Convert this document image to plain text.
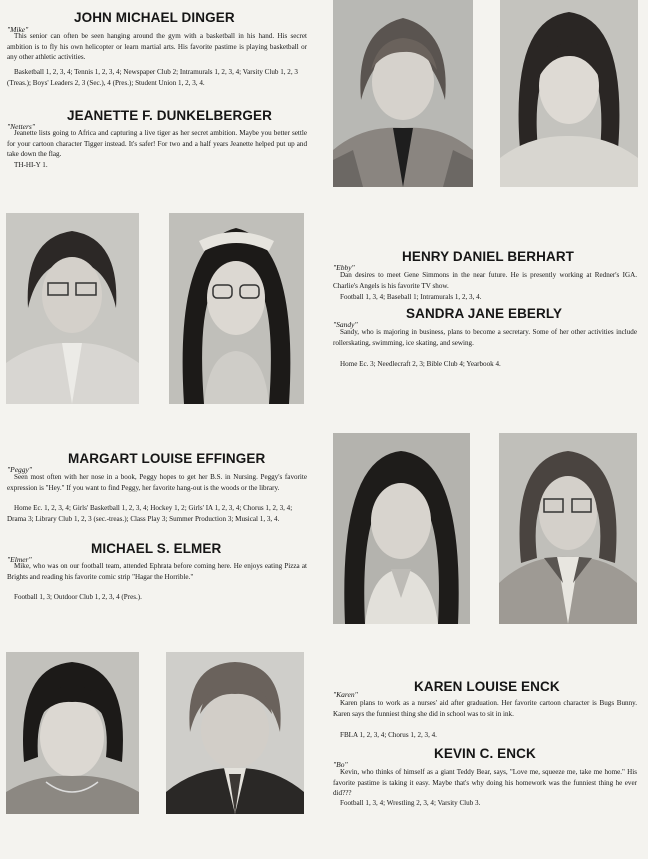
JOHN MICHAEL DINGER
"Mike"
This senior can often be seen hanging around the gym with a basketball in his hand. His secret ambition is to fly his own helicopter or learn martial arts. His favorite pastime is playing basketball or any other athletic activities.
Basketball 1, 2, 3, 4; Tennis 1, 2, 3, 4; Newspaper Club 2; Intramurals 1, 2, 3, 4; Varsity Club 1, 2, 3 (Treas.); Boys' Leaders 2, 3 (Sec.), 4 (Pres.); Student Union 1, 2, 3, 4.
JEANETTE F. DUNKELBERGER
"Netters"
Jeanette lists going to Africa and capturing a live tiger as her secret ambition. Maybe you better settle for your cartoon character Tigger instead. It's safer! For two and a half years Jeanette helped put up and take down the flag.
TH-HI-Y 1.
HENRY DANIEL BERHART
"Ebby"
Dan desires to meet Gene Simmons in the near future. He is presently working at Redner's IGA. Charlie's Angels is his favorite TV show.
Football 1, 3, 4; Baseball 1; Intramurals 1, 2, 3, 4.
SANDRA JANE EBERLY
"Sandy"
Sandy, who is majoring in business, plans to become a secretary. Some of her other activities include rollerskating, swimming, ice skating, and sewing.
Home Ec. 3; Needlecraft 2, 3; Bible Club 4; Yearbook 4.
MARGART LOUISE EFFINGER
"Peggy"
Seen most often with her nose in a book, Peggy hopes to get her B.S. in Nursing. Peggy's favorite expression is "Hey." If you want to find Peggy, her favorite hang-out is the woods or the library.
Home Ec. 1, 2, 3, 4; Girls' Basketball 1, 2, 3, 4; Hockey 1, 2; Girls' IA 1, 2, 3, 4; Chorus 1, 2, 3, 4; Drama 3; Library Club 1, 2, 3 (sec.-treas.); Class Play 3; Summer Production 3; Musical 1, 3, 4.
MICHAEL S. ELMER
"Elmer"
Mike, who was on our football team, attended Ephrata before coming here. He enjoys eating Pizza at Brights and reading his favorite comic strip "Hagar the Horrible."
Football 1, 3; Outdoor Club 1, 2, 3, 4 (Pres.).
"Karen"
KAREN LOUISE ENCK
Karen plans to work as a nurses' aid after graduation. Her favorite cartoon character is Bugs Bunny. Karen says the funniest thing she did in school was to sit in ink.
FBLA 1, 2, 3, 4; Chorus 1, 2, 3, 4.
KEVIN C. ENCK
"Bo"
Kevin, who thinks of himself as a giant Teddy Bear, says, "Love me, squeeze me, take me home." His favorite pastime is taking it easy. Maybe that's why doing his homework was the funniest thing he ever did???
Football 1, 3, 4; Wrestling 2, 3, 4; Varsity Club 3.
